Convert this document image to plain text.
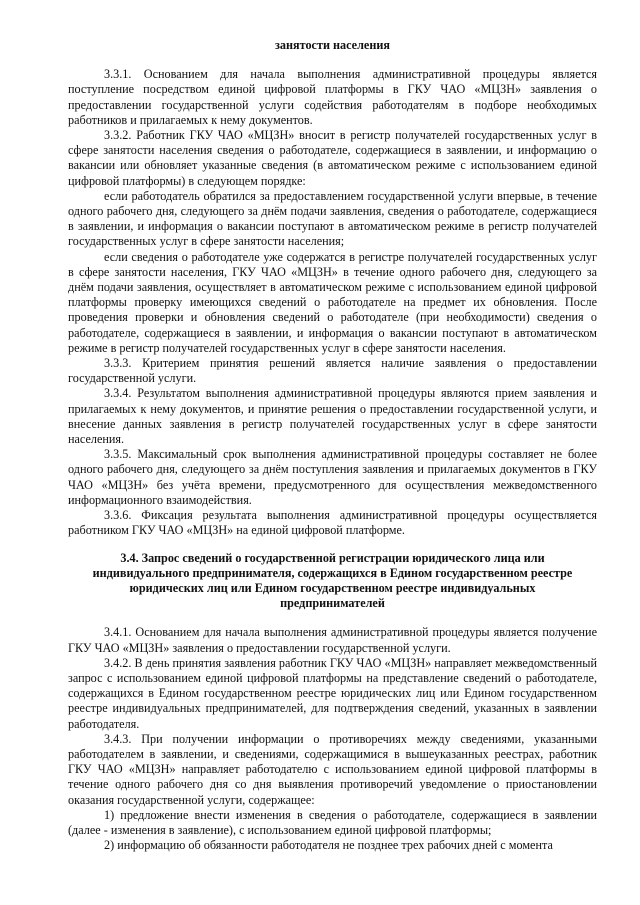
занятости населения

3.3.1. Основанием для начала выполнения административной процедуры является поступление посредством единой цифровой платформы в ГКУ ЧАО «МЦЗН» заявления о предоставлении государственной услуги содействия работодателям в подборе необходимых работников и прилагаемых к нему документов.

3.3.2. Работник ГКУ ЧАО «МЦЗН» вносит в регистр получателей государственных услуг в сфере занятости населения сведения о работодателе, содержащиеся в заявлении, и информацию о вакансии или обновляет указанные сведения (в автоматическом режиме с использованием единой цифровой платформы) в следующем порядке:

если работодатель обратился за предоставлением государственной услуги впервые, в течение одного рабочего дня, следующего за днём подачи заявления, сведения о работодателе, содержащиеся в заявлении, и информация о вакансии поступают в автоматическом режиме в регистр получателей государственных услуг в сфере занятости населения;

если сведения о работодателе уже содержатся в регистре получателей государственных услуг в сфере занятости населения, ГКУ ЧАО «МЦЗН» в течение одного рабочего дня, следующего за днём подачи заявления, осуществляет в автоматическом режиме с использованием единой цифровой платформы проверку имеющихся сведений о работодателе на предмет их обновления. После проведения проверки и обновления сведений о работодателе (при необходимости) сведения о работодателе, содержащиеся в заявлении, и информация о вакансии поступают в автоматическом режиме в регистр получателей государственных услуг в сфере занятости населения.

3.3.3. Критерием принятия решений является наличие заявления о предоставлении государственной услуги.

3.3.4. Результатом выполнения административной процедуры являются прием заявления и прилагаемых к нему документов, и принятие решения о предоставлении государственной услуги, и внесение данных заявления в регистр получателей государственных услуг в сфере занятости населения.

3.3.5. Максимальный срок выполнения административной процедуры составляет не более одного рабочего дня, следующего за днём поступления заявления и прилагаемых документов в ГКУ ЧАО «МЦЗН» без учёта времени, предусмотренного для осуществления межведомственного информационного взаимодействия.

3.3.6. Фиксация результата выполнения административной процедуры осуществляется работником ГКУ ЧАО «МЦЗН» на единой цифровой платформе.

3.4. Запрос сведений о государственной регистрации юридического лица или индивидуального предпринимателя, содержащихся в Едином государственном реестре юридических лиц или Едином государственном реестре индивидуальных предпринимателей

3.4.1. Основанием для начала выполнения административной процедуры является получение ГКУ ЧАО «МЦЗН» заявления о предоставлении государственной услуги.

3.4.2. В день принятия заявления работник ГКУ ЧАО «МЦЗН» направляет межведомственный запрос с использованием единой цифровой платформы на представление сведений о работодателе, содержащихся в Едином государственном реестре юридических лиц или Едином государственном реестре индивидуальных предпринимателей, для подтверждения сведений, указанных в заявлении работодателя.

3.4.3. При получении информации о противоречиях между сведениями, указанными работодателем в заявлении, и сведениями, содержащимися в вышеуказанных реестрах, работник ГКУ ЧАО «МЦЗН» направляет работодателю с использованием единой цифровой платформы в течение одного рабочего дня со дня выявления противоречий уведомление о приостановлении оказания государственной услуги, содержащее:

1) предложение внести изменения в сведения о работодателе, содержащиеся в заявлении (далее - изменения в заявление), с использованием единой цифровой платформы;

2) информацию об обязанности работодателя не позднее трех рабочих дней с момента
